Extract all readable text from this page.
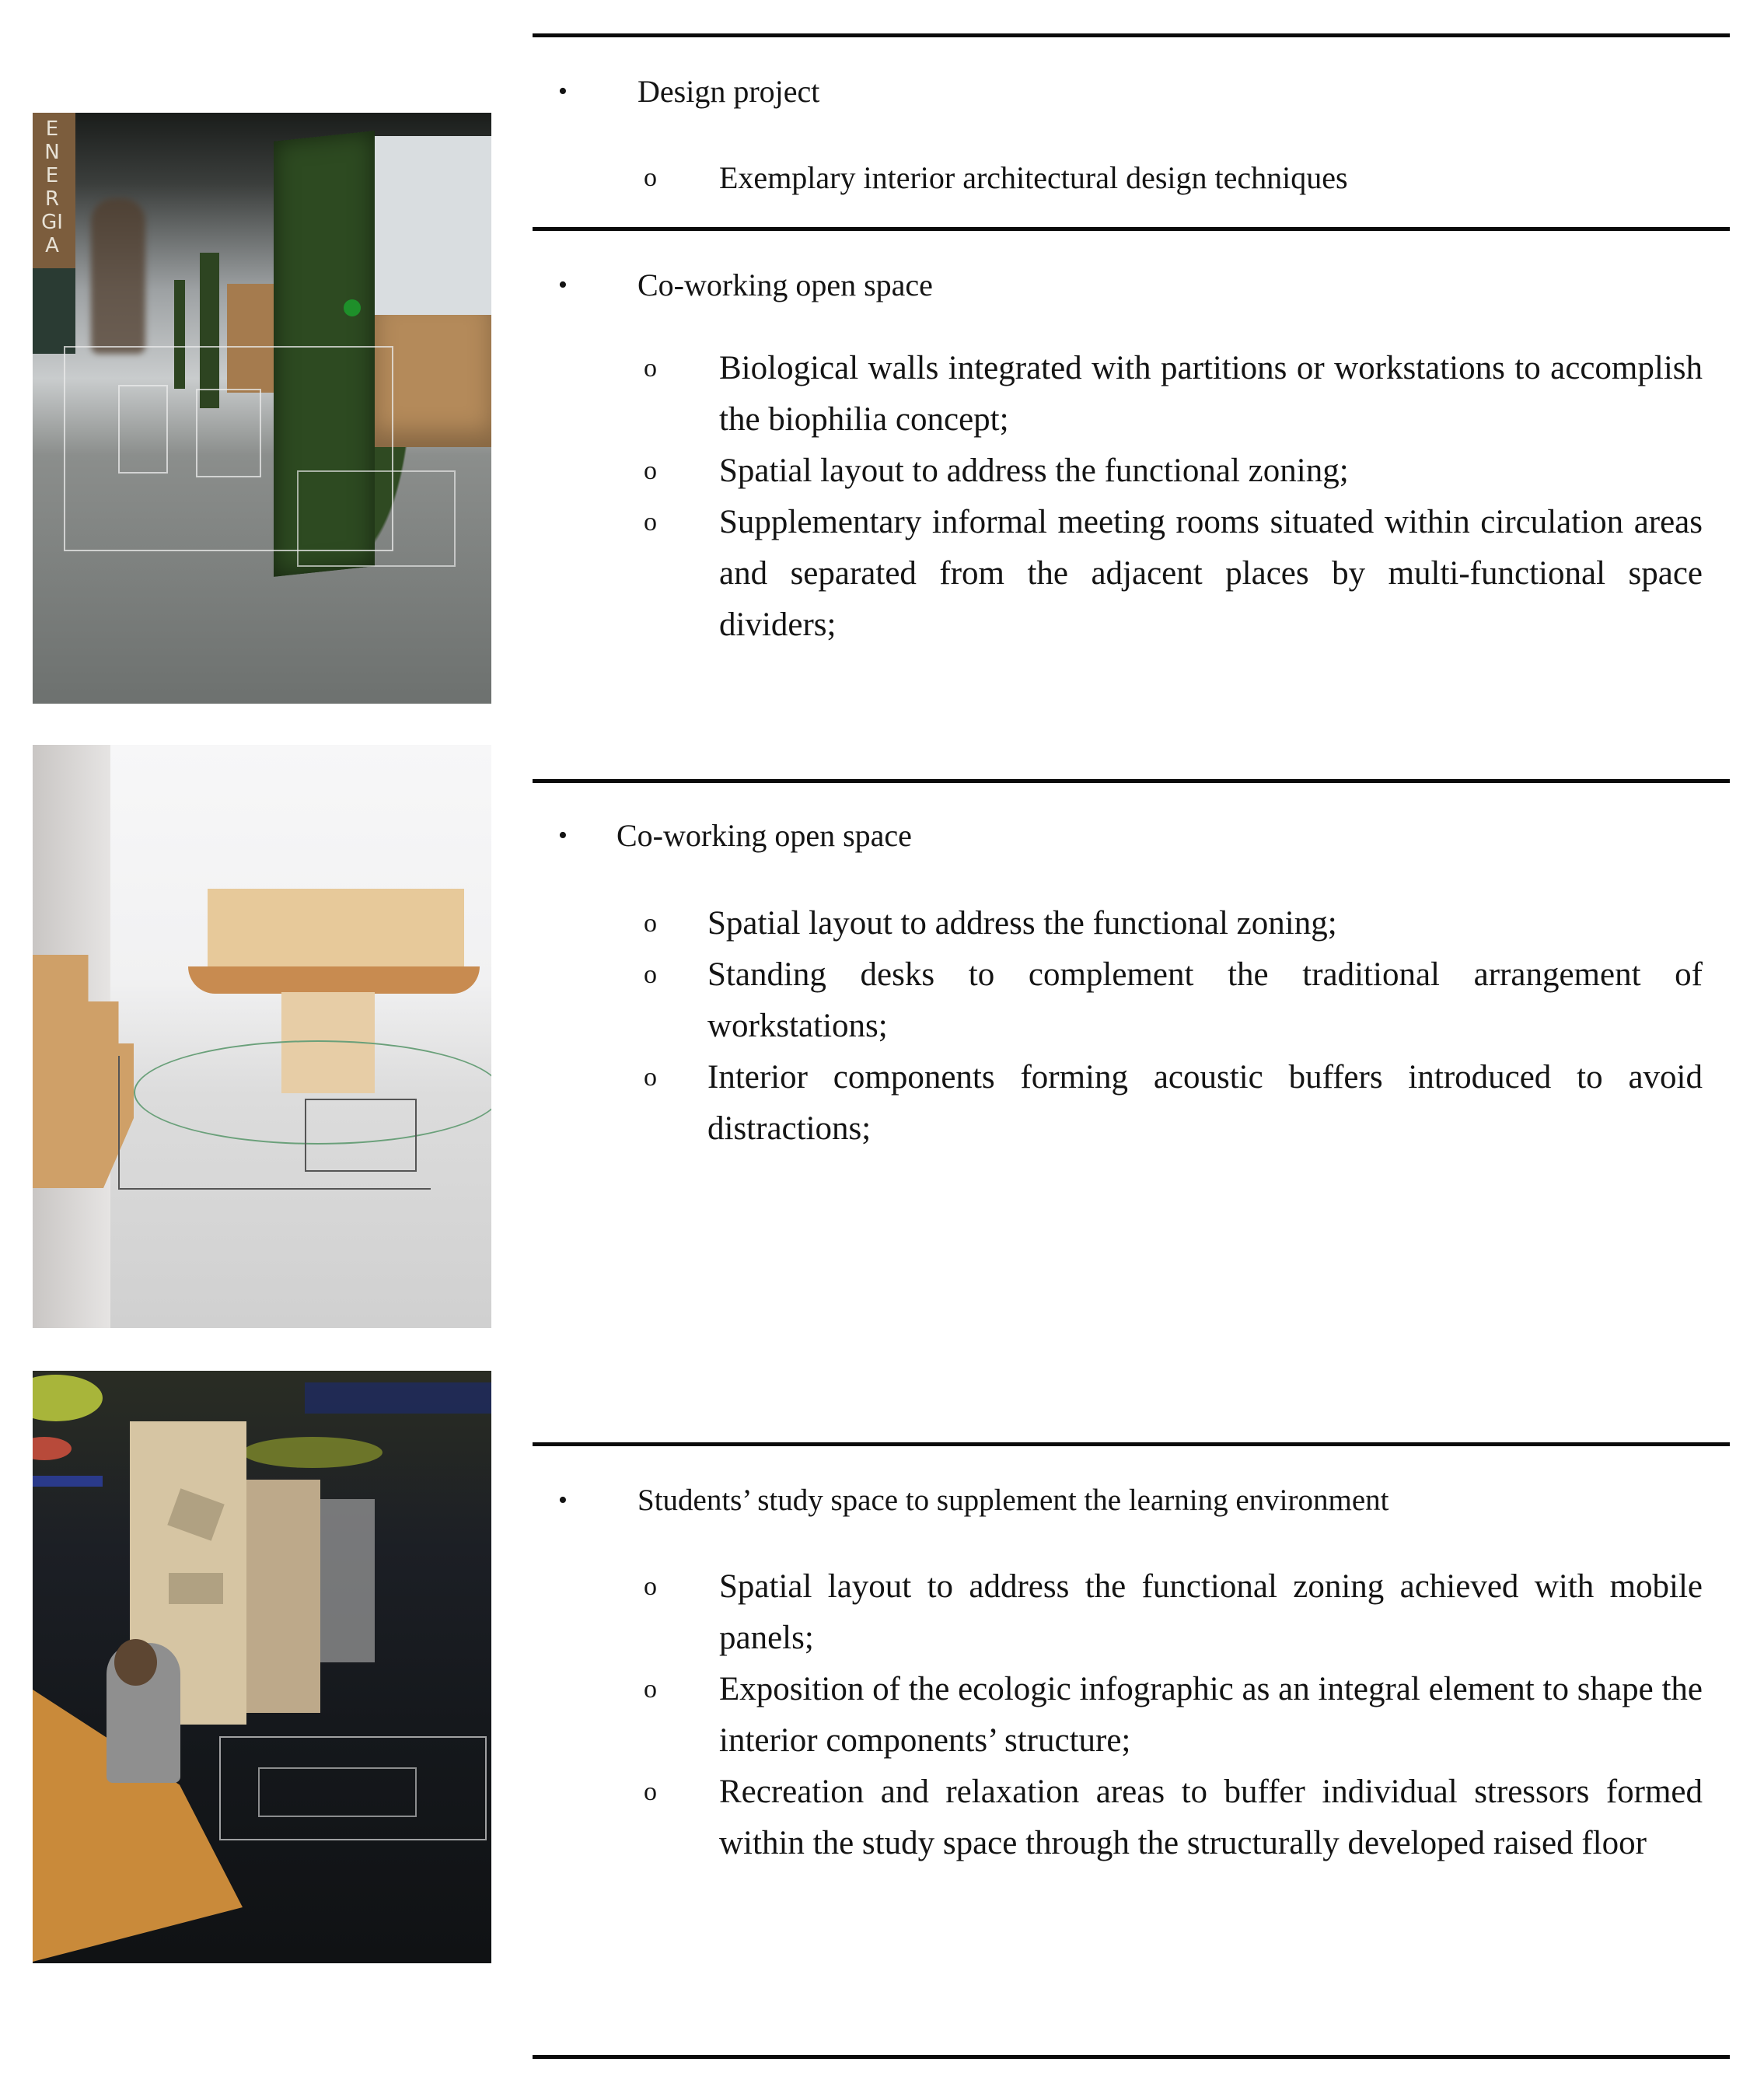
ENERGIA
• Design project
o Exemplary interior architectural design techniques
• Co-working open space
o Biological walls integrated with partitions or workstations to accomplish the biophilia concept;
o Spatial layout to address the functional zoning;
o Supplementary informal meeting rooms situated within circulation areas and separated from the adjacent places by multi-functional space dividers;
• Co-working open space
o Spatial layout to address the functional zoning;
o Standing desks to complement the traditional arrangement of workstations;
o Interior components forming acoustic buffers introduced to avoid distractions;
• Students’ study space to supplement the learning environment
o Spatial layout to address the functional zoning achieved with mobile panels;
o Exposition of the ecologic infographic as an integral element to shape the interior components’ structure;
o Recreation and relaxation areas to buffer individual stressors formed within the study space through the structurally developed raised floor
